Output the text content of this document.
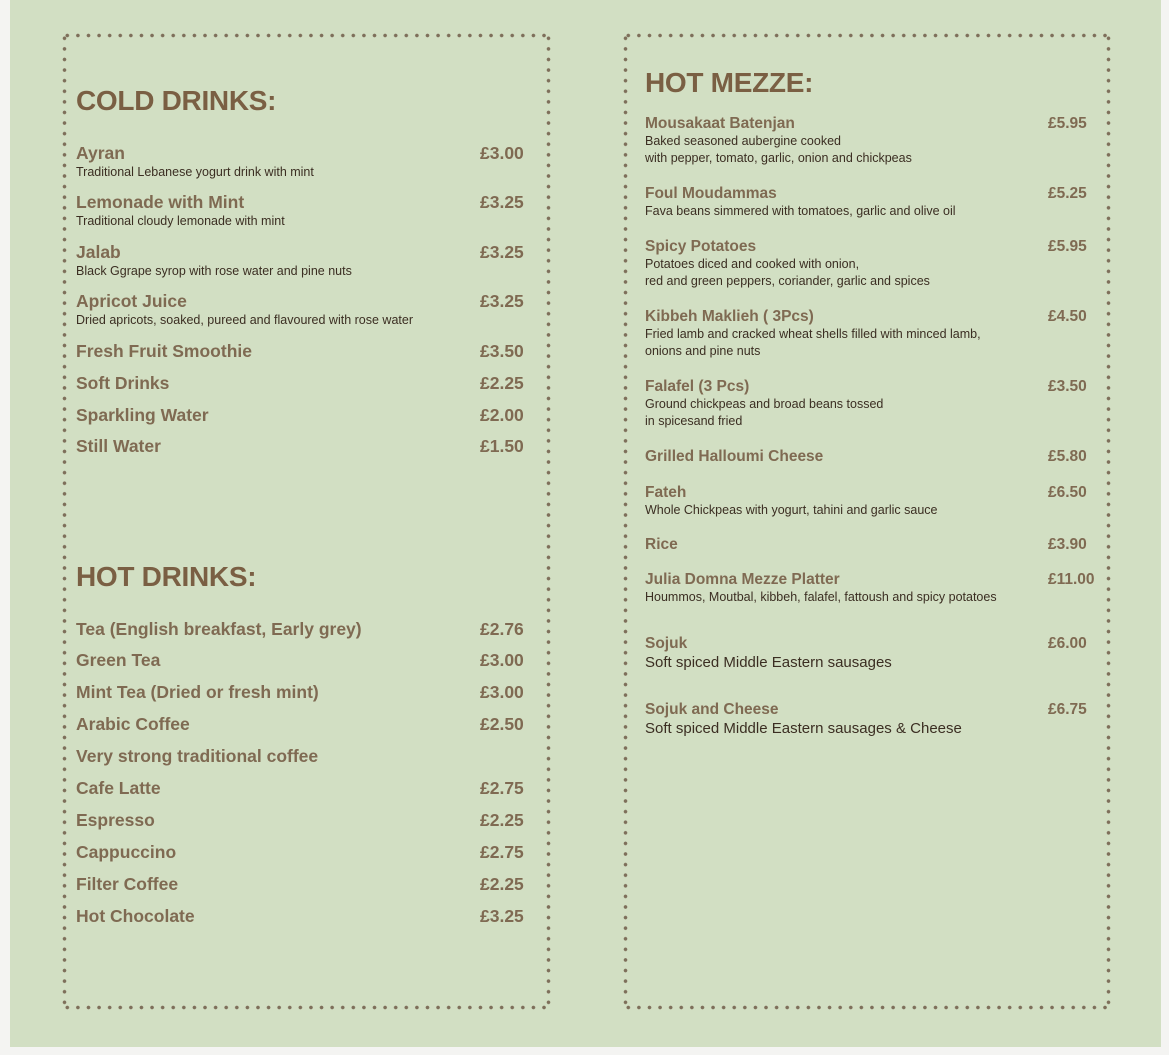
COLD DRINKS:
Ayran	£3.00
Traditional Lebanese yogurt drink with mint
Lemonade with Mint	£3.25
Traditional cloudy lemonade with mint
Jalab	£3.25
Black Ggrape syrop with rose water and pine nuts
Apricot Juice	£3.25
Dried apricots, soaked, pureed and flavoured with rose water
Fresh Fruit Smoothie	£3.50
Soft Drinks	£2.25
Sparkling Water	£2.00
Still Water	£1.50
HOT DRINKS:
Tea (English breakfast, Early grey)	£2.76
Green Tea	£3.00
Mint Tea (Dried or fresh mint)	£3.00
Arabic Coffee	£2.50
Very strong traditional coffee
Cafe Latte	£2.75
Espresso	£2.25
Cappuccino	£2.75
Filter Coffee	£2.25
Hot Chocolate	£3.25
HOT MEZZE:
Mousakaat Batenjan	£5.95
Baked seasoned aubergine cooked
with pepper, tomato, garlic, onion and chickpeas
Foul Moudammas	£5.25
Fava beans simmered with tomatoes, garlic and olive oil
Spicy Potatoes	£5.95
Potatoes diced and cooked with onion,
red and green peppers, coriander, garlic and spices
Kibbeh Maklieh ( 3Pcs)	£4.50
Fried lamb and cracked wheat shells filled with minced lamb,
onions and pine nuts
Falafel (3 Pcs)	£3.50
Ground chickpeas and broad beans tossed
in spicesand fried
Grilled Halloumi Cheese	£5.80
Fateh	£6.50
Whole Chickpeas with yogurt, tahini and garlic sauce
Rice	£3.90
Julia Domna Mezze Platter	£11.00
Hoummos, Moutbal, kibbeh, falafel, fattoush and spicy potatoes
Sojuk	£6.00
Soft spiced Middle Eastern sausages
Sojuk and Cheese	£6.75
Soft spiced Middle Eastern sausages & Cheese
